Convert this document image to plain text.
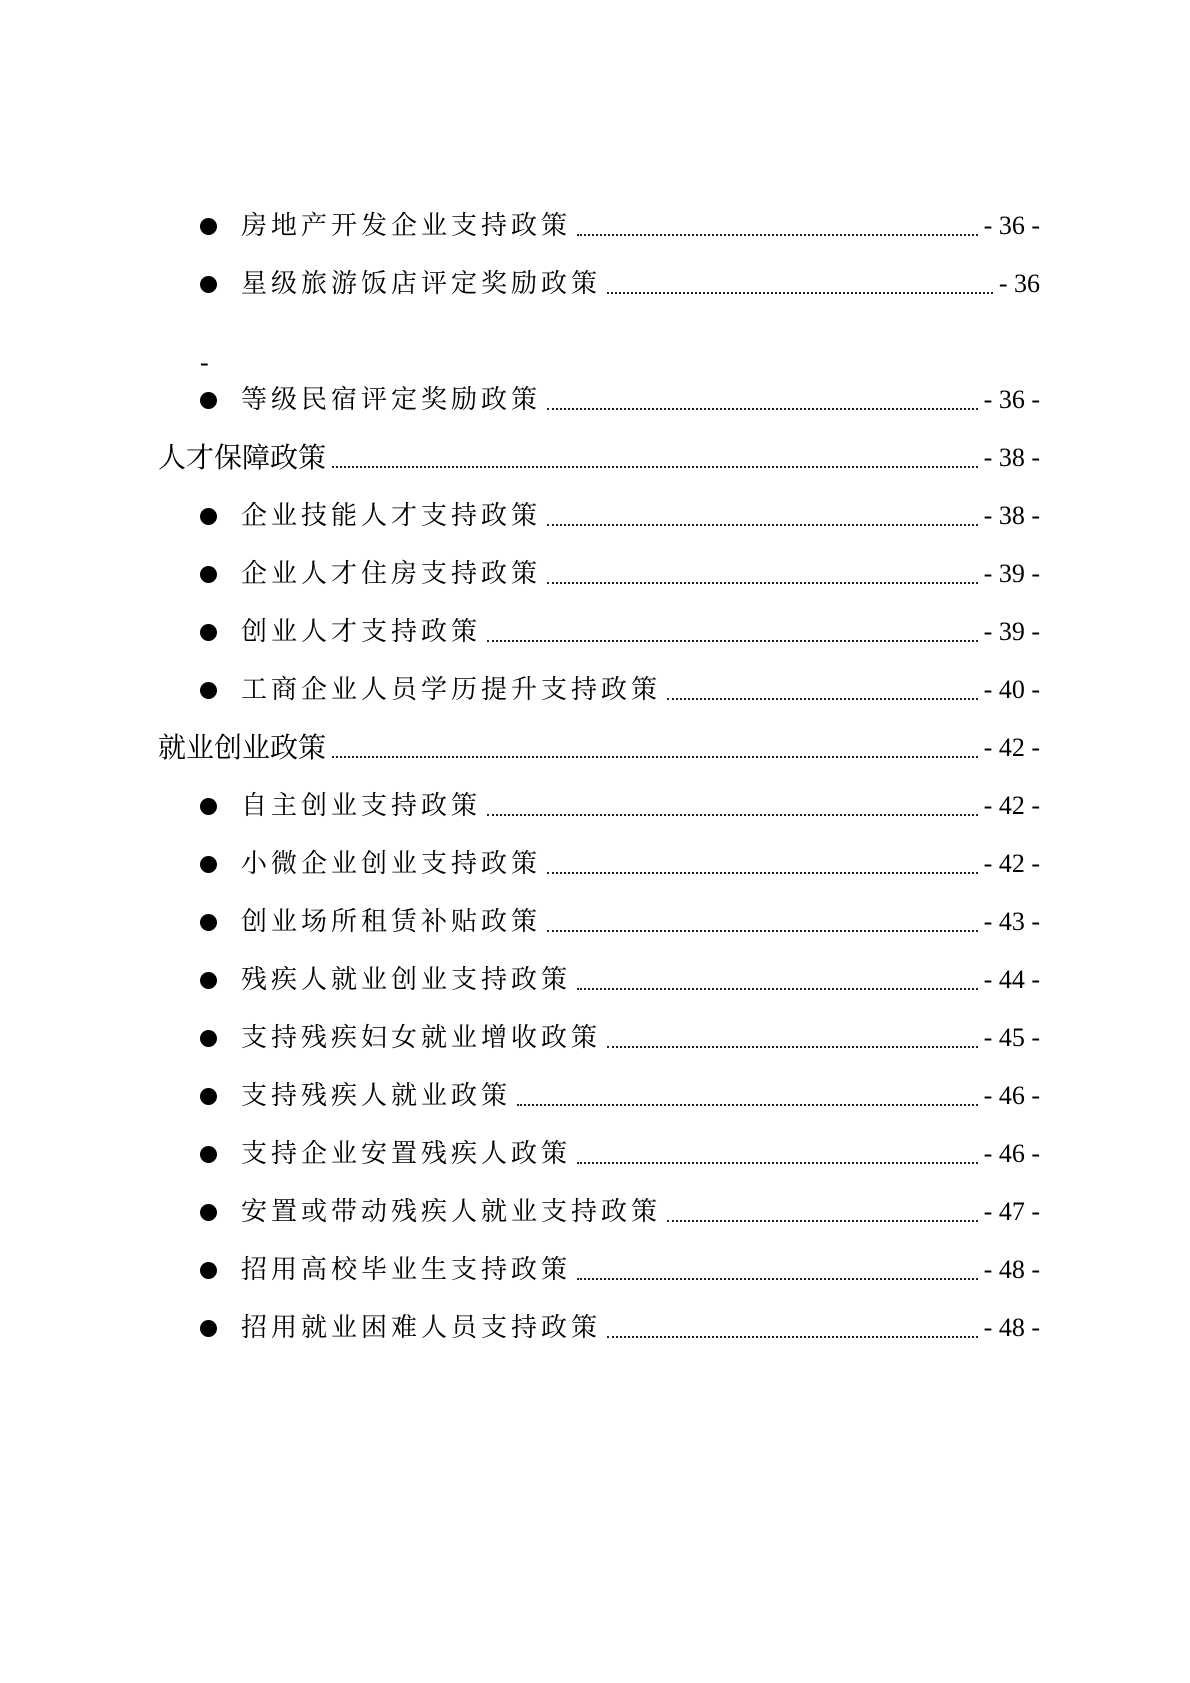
房地产开发企业支持政策	- 36 -
星级旅游饭店评定奖励政策	- 36
-
等级民宿评定奖励政策	- 36 -
人才保障政策	- 38 -
企业技能人才支持政策	- 38 -
企业人才住房支持政策	- 39 -
创业人才支持政策	- 39 -
工商企业人员学历提升支持政策	- 40 -
就业创业政策	- 42 -
自主创业支持政策	- 42 -
小微企业创业支持政策	- 42 -
创业场所租赁补贴政策	- 43 -
残疾人就业创业支持政策	- 44 -
支持残疾妇女就业增收政策	- 45 -
支持残疾人就业政策	- 46 -
支持企业安置残疾人政策	- 46 -
安置或带动残疾人就业支持政策	- 47 -
招用高校毕业生支持政策	- 48 -
招用就业困难人员支持政策	- 48 -
